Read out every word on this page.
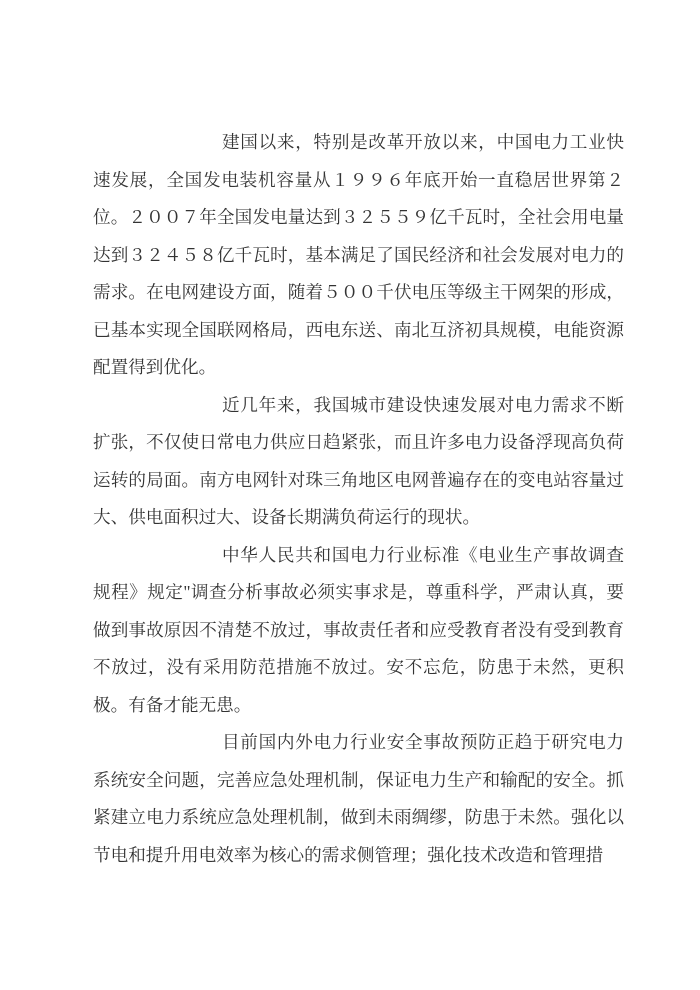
建国以来，特别是改革开放以来，中国电力工业快速发展，全国发电装机容量从１９９６年底开始一直稳居世界第２位。２００７年全国发电量达到３２５５９亿千瓦时，全社会用电量达到３２４５８亿千瓦时，基本满足了国民经济和社会发展对电力的需求。在电网建设方面，随着５００千伏电压等级主干网架的形成，已基本实现全国联网格局，西电东送、南北互济初具规模，电能资源配置得到优化。

近几年来，我国城市建设快速发展对电力需求不断扩张，不仅使日常电力供应日趋紧张，而且许多电力设备浮现高负荷运转的局面。南方电网针对珠三角地区电网普遍存在的变电站容量过大、供电面积过大、设备长期满负荷运行的现状。

中华人民共和国电力行业标准《电业生产事故调查规程》规定"调查分析事故必须实事求是，尊重科学，严肃认真，要做到事故原因不清楚不放过，事故责任者和应受教育者没有受到教育不放过，没有采用防范措施不放过。安不忘危，防患于未然，更积极。有备才能无患。

目前国内外电力行业安全事故预防正趋于研究电力系统安全问题，完善应急处理机制，保证电力生产和输配的安全。抓紧建立电力系统应急处理机制，做到未雨绸缪，防患于未然。强化以节电和提升用电效率为核心的需求侧管理；强化技术改造和管理措
